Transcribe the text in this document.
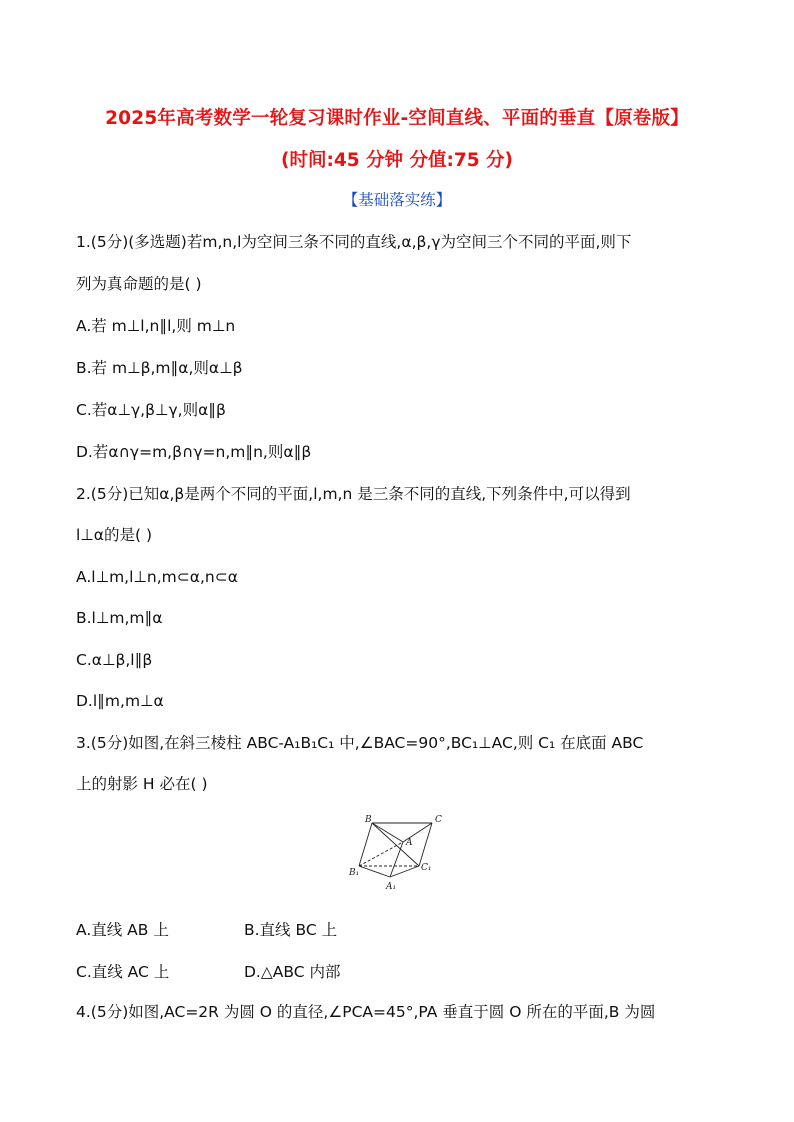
2025年高考数学一轮复习课时作业-空间直线、平面的垂直【原卷版】
(时间:45 分钟 分值:75 分)
【基础落实练】
1.(5分)(多选题)若m,n,l为空间三条不同的直线,α,β,γ为空间三个不同的平面,则下
列为真命题的是( )
A.若 m⊥l,n∥l,则 m⊥n
B.若 m⊥β,m∥α,则α⊥β
C.若α⊥γ,β⊥γ,则α∥β
D.若α∩γ=m,β∩γ=n,m∥n,则α∥β
2.(5分)已知α,β是两个不同的平面,l,m,n 是三条不同的直线,下列条件中,可以得到
l⊥α的是( )
A.l⊥m,l⊥n,m⊂α,n⊂α
B.l⊥m,m∥α
C.α⊥β,l∥β
D.l∥m,m⊥α
3.(5分)如图,在斜三棱柱 ABC-A₁B₁C₁ 中,∠BAC=90°,BC₁⊥AC,则 C₁ 在底面 ABC
上的射影 H 必在( )
B	C
A
B₁	C₁
A₁
A.直线 AB 上	B.直线 BC 上
C.直线 AC 上	D.△ABC 内部
4.(5分)如图,AC=2R 为圆 O 的直径,∠PCA=45°,PA 垂直于圆 O 所在的平面,B 为圆
